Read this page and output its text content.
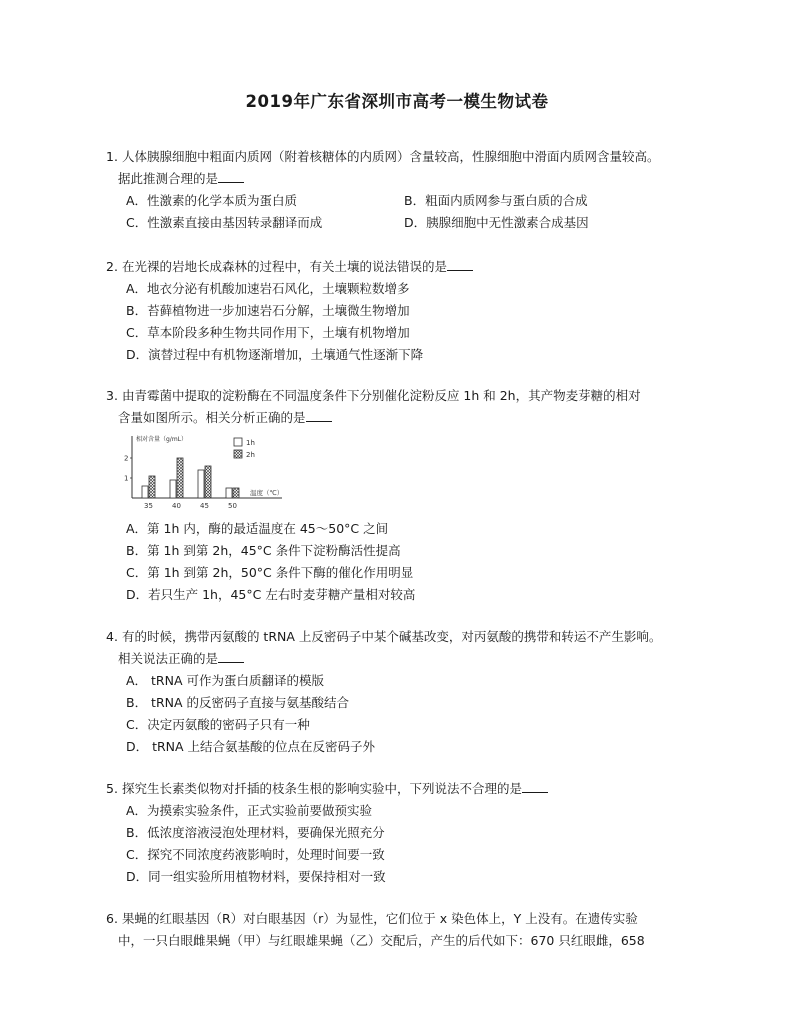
2019年广东省深圳市高考一模生物试卷
1. 人体胰腺细胞中粗面内质网（附着核糖体的内质网）含量较高，性腺细胞中滑面内质网含量较高。
据此推测合理的是
A．性激素的化学本质为蛋白质	B．粗面内质网参与蛋白质的合成
C．性激素直接由基因转录翻译而成	D．胰腺细胞中无性激素合成基因
2. 在光裸的岩地长成森林的过程中，有关土壤的说法错误的是
A．地衣分泌有机酸加速岩石风化，土壤颗粒数增多
B．苔藓植物进一步加速岩石分解，土壤微生物增加
C．草本阶段多种生物共同作用下，土壤有机物增加
D．演替过程中有机物逐渐增加，土壤通气性逐渐下降
3. 由青霉菌中提取的淀粉酶在不同温度条件下分别催化淀粉反应 1h 和 2h，其产物麦芽糖的相对
含量如图所示。相关分析正确的是
相对含量（g/mL）
1
2
35	40	45	50
温度（℃）
1h
2h
A．第 1h 内，酶的最适温度在 45～50°C 之间
B．第 1h 到第 2h，45°C 条件下淀粉酶活性提高
C．第 1h 到第 2h，50°C 条件下酶的催化作用明显
D．若只生产 1h，45°C 左右时麦芽糖产量相对较高
4. 有的时候，携带丙氨酸的 tRNA 上反密码子中某个碱基改变，对丙氨酸的携带和转运不产生影响。
相关说法正确的是
A． tRNA 可作为蛋白质翻译的模版
B． tRNA 的反密码子直接与氨基酸结合
C．决定丙氨酸的密码子只有一种
D． tRNA 上结合氨基酸的位点在反密码子外
5. 探究生长素类似物对扦插的枝条生根的影响实验中，下列说法不合理的是
A．为摸索实验条件，正式实验前要做预实验
B．低浓度溶液浸泡处理材料，要确保光照充分
C．探究不同浓度药液影响时，处理时间要一致
D．同一组实验所用植物材料，要保持相对一致
6. 果蝇的红眼基因（R）对白眼基因（r）为显性，它们位于 x 染色体上，Y 上没有。在遗传实验
中，一只白眼雌果蝇（甲）与红眼雄果蝇（乙）交配后，产生的后代如下：670 只红眼雌，658
